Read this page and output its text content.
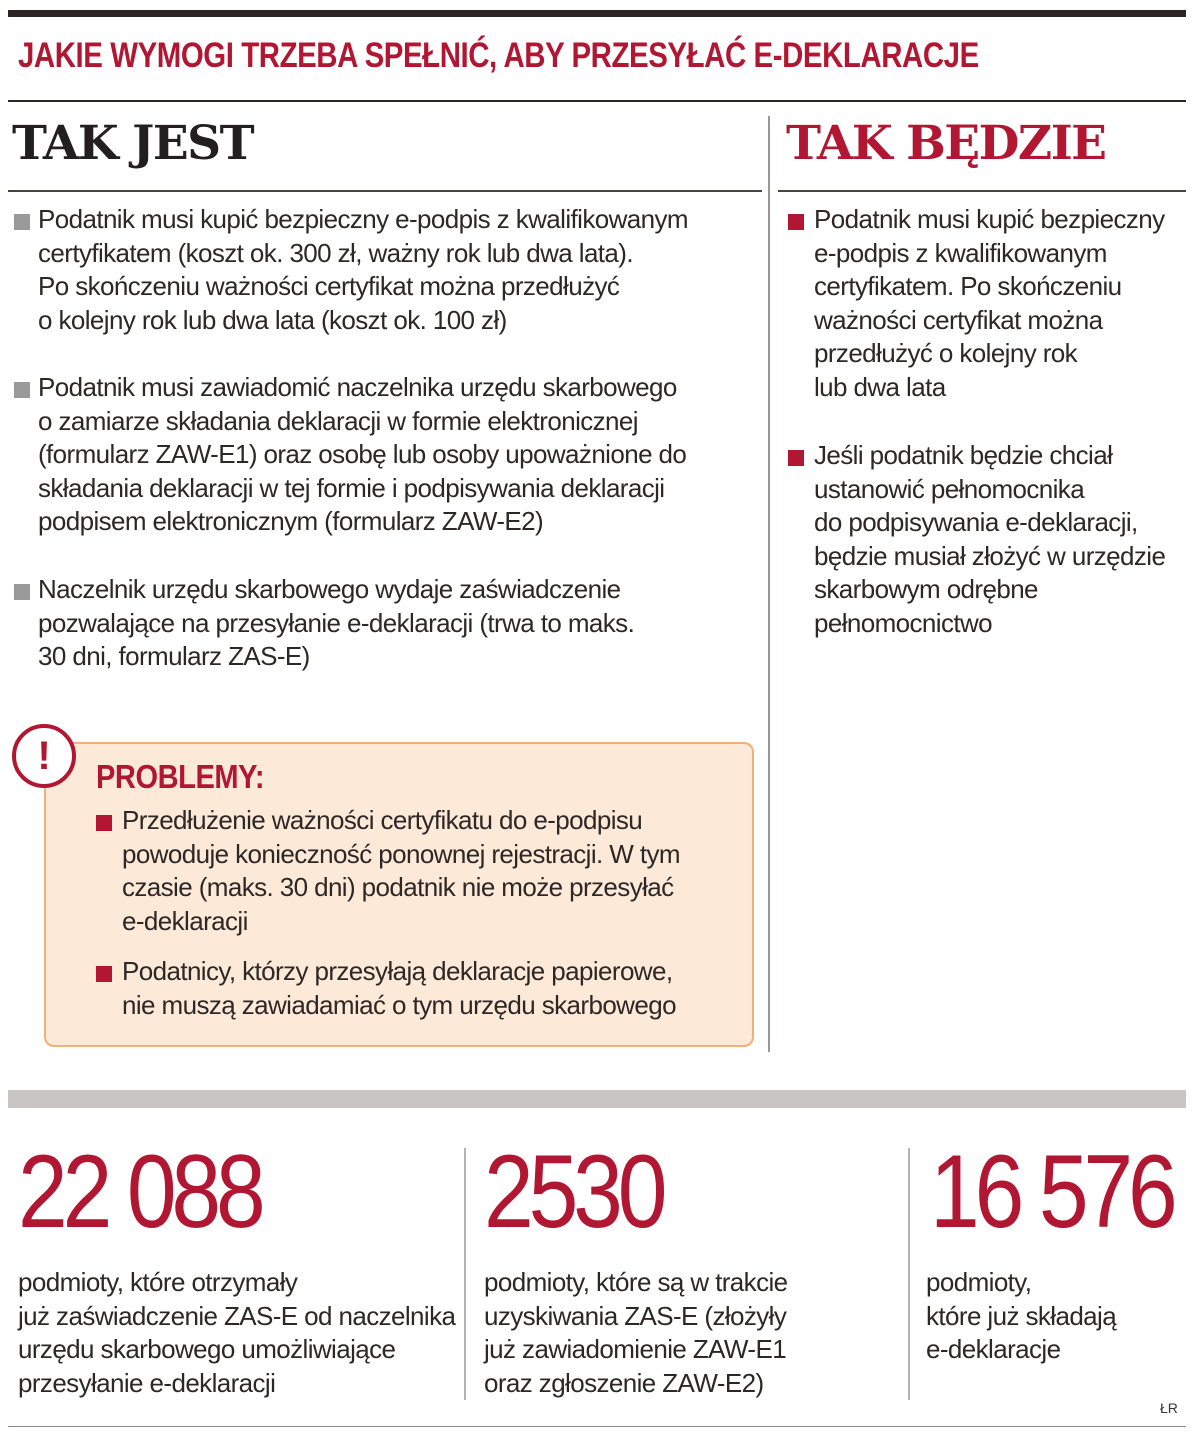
JAKIE WYMOGI TRZEBA SPEŁNIĆ, ABY PRZESYŁAĆ E-DEKLARACJE
TAK JEST	TAK BĘDZIE
Podatnik musi kupić bezpieczny e-podpis z kwalifikowanym
certyfikatem (koszt ok. 300 zł, ważny rok lub dwa lata).
Po skończeniu ważności certyfikat można przedłużyć
o kolejny rok lub dwa lata (koszt ok. 100 zł)
Podatnik musi zawiadomić naczelnika urzędu skarbowego
o zamiarze składania deklaracji w formie elektronicznej
(formularz ZAW-E1) oraz osobę lub osoby upoważnione do
składania deklaracji w tej formie i podpisywania deklaracji
podpisem elektronicznym (formularz ZAW-E2)
Naczelnik urzędu skarbowego wydaje zaświadczenie
pozwalające na przesyłanie e-deklaracji (trwa to maks.
30 dni, formularz ZAS-E)
Podatnik musi kupić bezpieczny
e-podpis z kwalifikowanym
certyfikatem. Po skończeniu
ważności certyfikat można
przedłużyć o kolejny rok
lub dwa lata
Jeśli podatnik będzie chciał
ustanowić pełnomocnika
do podpisywania e-deklaracji,
będzie musiał złożyć w urzędzie
skarbowym odrębne
pełnomocnictwo
!	PROBLEMY:
Przedłużenie ważności certyfikatu do e-podpisu
powoduje konieczność ponownej rejestracji. W tym
czasie (maks. 30 dni) podatnik nie może przesyłać
e-deklaracji
Podatnicy, którzy przesyłają deklaracje papierowe,
nie muszą zawiadamiać o tym urzędu skarbowego
22 088
podmioty, które otrzymały
już zaświadczenie ZAS-E od naczelnika
urzędu skarbowego umożliwiające
przesyłanie e-deklaracji
2530
podmioty, które są w trakcie
uzyskiwania ZAS-E (złożyły
już zawiadomienie ZAW-E1
oraz zgłoszenie ZAW-E2)
16 576
podmioty,
które już składają
e-deklaracje
ŁR
